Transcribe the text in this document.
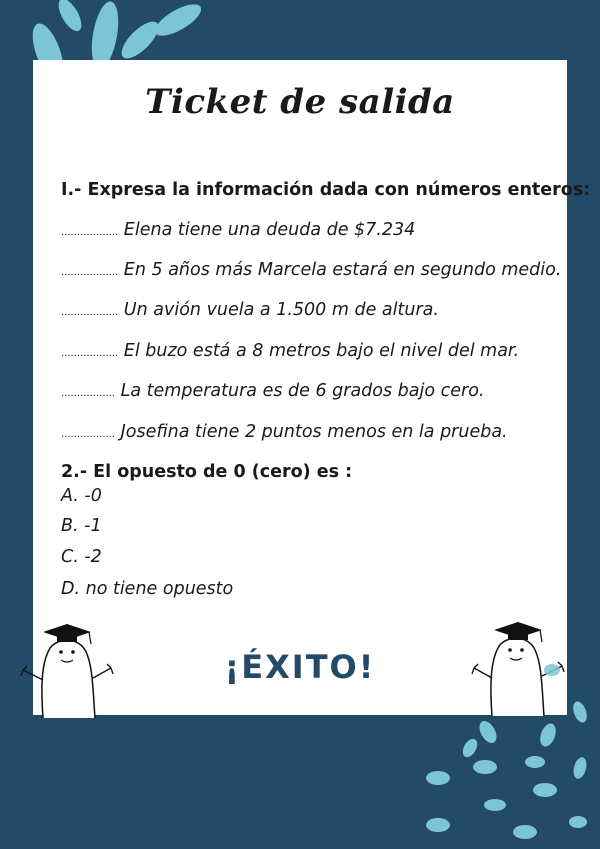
Ticket de salida
I.- Expresa la información dada con números enteros:
.................. Elena tiene una deuda de $7.234
.................. En 5 años más Marcela estará en segundo medio.
.................. Un avión vuela a 1.500 m de altura.
.................. El buzo está a 8 metros bajo el nivel del mar.
................. La temperatura es de 6 grados bajo cero.
................. Josefina tiene 2 puntos menos en la prueba.
2.- El opuesto de 0 (cero) es :
A. -0
B. -1
C. -2
D. no tiene opuesto
¡ÉXITO!
